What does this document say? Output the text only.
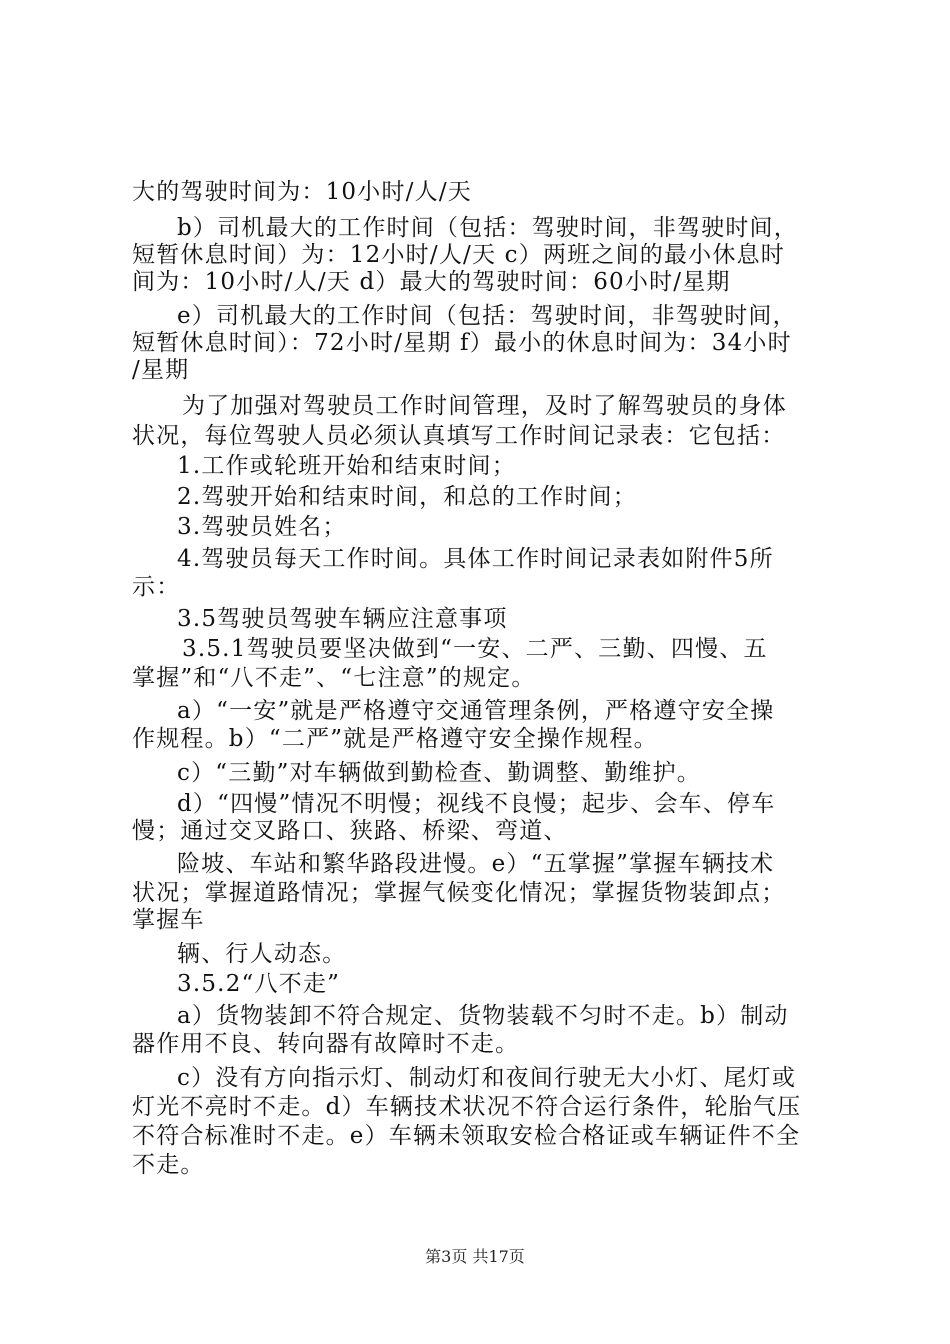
大的驾驶时间为：10小时/人/天
b）司机最大的工作时间（包括：驾驶时间，非驾驶时间，
短暂休息时间）为：12小时/人/天 c）两班之间的最小休息时
间为：10小时/人/天 d）最大的驾驶时间：60小时/星期
e）司机最大的工作时间（包括：驾驶时间，非驾驶时间，
短暂休息时间）：72小时/星期 f）最小的休息时间为：34小时
/星期
为了加强对驾驶员工作时间管理，及时了解驾驶员的身体
状况，每位驾驶人员必须认真填写工作时间记录表：它包括：
1.工作或轮班开始和结束时间；
2.驾驶开始和结束时间，和总的工作时间；
3.驾驶员姓名；
4.驾驶员每天工作时间。具体工作时间记录表如附件5所
示：
3.5驾驶员驾驶车辆应注意事项
3.5.1驾驶员要坚决做到“一安、二严、三勤、四慢、五
掌握”和“八不走”、“七注意”的规定。
a）“一安”就是严格遵守交通管理条例，严格遵守安全操
作规程。b）“二严”就是严格遵守安全操作规程。
c）“三勤”对车辆做到勤检查、勤调整、勤维护。
d）“四慢”情况不明慢；视线不良慢；起步、会车、停车
慢；通过交叉路口、狭路、桥梁、弯道、
险坡、车站和繁华路段进慢。e）“五掌握”掌握车辆技术
状况；掌握道路情况；掌握气候变化情况；掌握货物装卸点；
掌握车
辆、行人动态。
3.5.2“八不走”
a）货物装卸不符合规定、货物装载不匀时不走。b）制动
器作用不良、转向器有故障时不走。
c）没有方向指示灯、制动灯和夜间行驶无大小灯、尾灯或
灯光不亮时不走。d）车辆技术状况不符合运行条件，轮胎气压
不符合标准时不走。e）车辆未领取安检合格证或车辆证件不全
不走。
第3页 共17页
